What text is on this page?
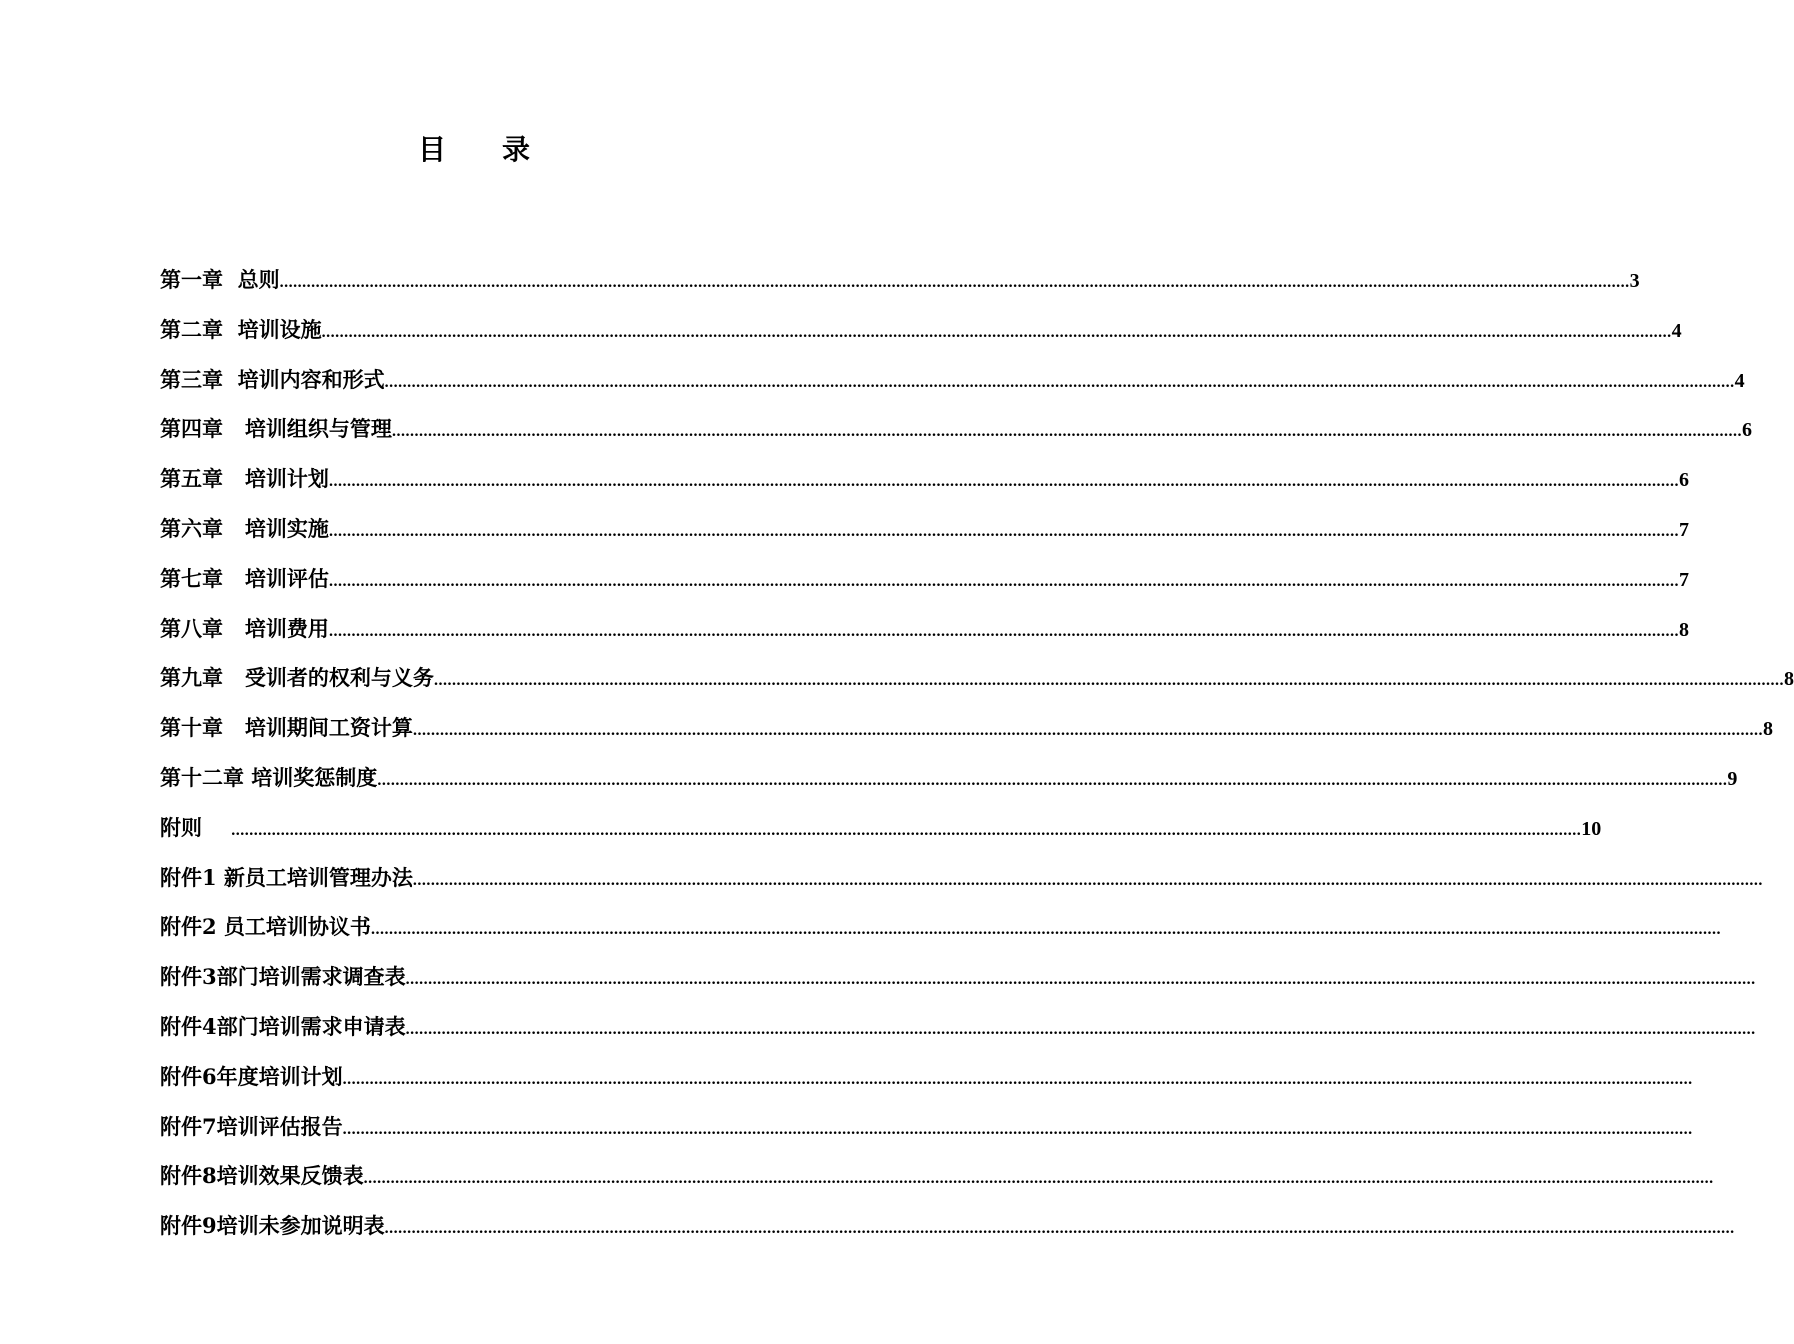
目 录
第一章  总则 ............................................................................................................................................................................................................................................................................................................ 3
第二章  培训设施 ............................................................................................................................................................................................................................................................................................................ 4
第三章  培训内容和形式 ............................................................................................................................................................................................................................................................................................................ 4
第四章   培训组织与管理 ............................................................................................................................................................................................................................................................................................................ 6
第五章   培训计划 ............................................................................................................................................................................................................................................................................................................ 6
第六章   培训实施 ............................................................................................................................................................................................................................................................................................................ 7
第七章   培训评估 ............................................................................................................................................................................................................................................................................................................ 7
第八章   培训费用 ............................................................................................................................................................................................................................................................................................................ 8
第九章   受训者的权利与义务 ............................................................................................................................................................................................................................................................................................................ 8
第十章   培训期间工资计算 ............................................................................................................................................................................................................................................................................................................ 8
第十二章 培训奖惩制度 ............................................................................................................................................................................................................................................................................................................ 9
附则 ............................................................................................................................................................................................................................................................................................................ 10
附件1 新员工培训管理办法 ............................................................................................................................................................................................................................................................................................................
附件2 员工培训协议书 ............................................................................................................................................................................................................................................................................................................
附件3部门培训需求调查表 ............................................................................................................................................................................................................................................................................................................
附件4部门培训需求申请表 ............................................................................................................................................................................................................................................................................................................
附件6年度培训计划 ............................................................................................................................................................................................................................................................................................................
附件7培训评估报告 ............................................................................................................................................................................................................................................................................................................
附件8培训效果反馈表 ............................................................................................................................................................................................................................................................................................................
附件9培训未参加说明表 ............................................................................................................................................................................................................................................................................................................
